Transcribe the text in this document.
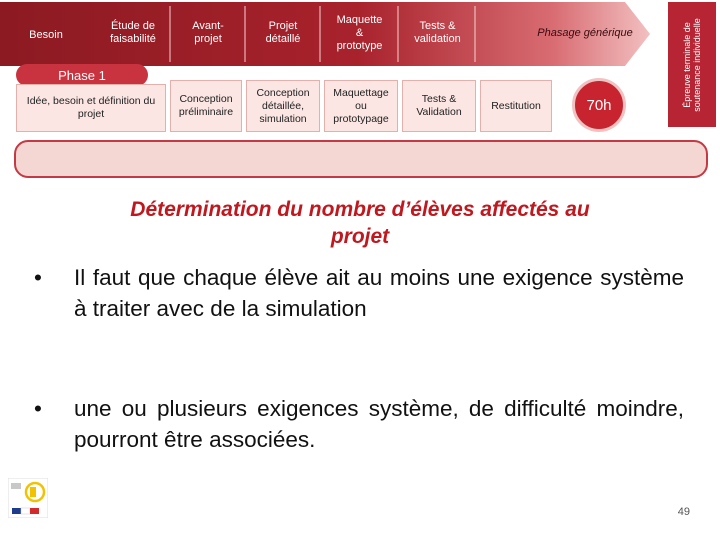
Besoin
Étude de
faisabilité
Avant-
projet
Projet
détaillé
Maquette
&
prototype
Tests &
validation
Phasage générique	Épreuve terminale de soutenance individuelle
Phase 1
Idée, besoin et définition du
projet
Conception
préliminaire
Conception
détaillée,
simulation
Maquettage
ou
prototypage
Tests &
Validation
Restitution	70h
Détermination du nombre d’élèves affectés au
projet
•	Il faut que chaque élève ait au moins une exigence système à traiter avec de la simulation
•	une ou plusieurs exigences système, de difficulté moindre, pourront être associées.
49
